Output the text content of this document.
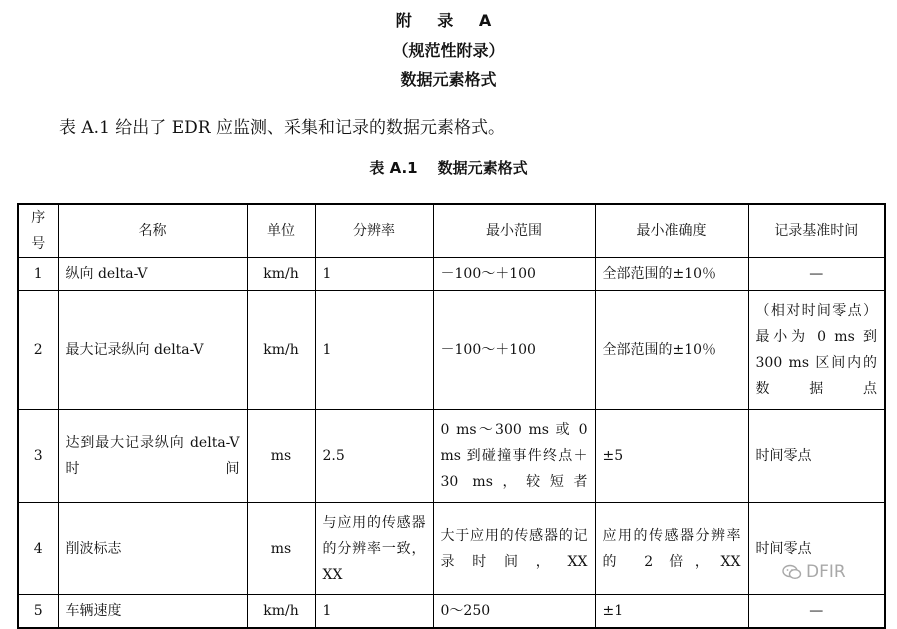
附 录 A
（规范性附录）
数据元素格式
表 A.1 给出了 EDR 应监测、采集和记录的数据元素格式。
表 A.1 数据元素格式
序号	名称	单位	分辨率	最小范围	最小准确度	记录基准时间
1	纵向 delta-V	km/h	1	－100～＋100	全部范围的±10％	—
2	最大记录纵向 delta-V	km/h	1	－100～＋100	全部范围的±10％	（相对时间零点）最小为 0 ms 到 300 ms 区间内的数据点
3	达到最大记录纵向 delta-V 时间	ms	2.5	0 ms～300 ms 或 0 ms 到碰撞事件终点＋30 ms，较短者	±5	时间零点
4	削波标志	ms	与应用的传感器的分辨率一致，XX	大于应用的传感器的记录时间，XX	应用的传感器分辨率的 2 倍，XX	时间零点
5	车辆速度	km/h	1	0～250	±1	—
DFIR
